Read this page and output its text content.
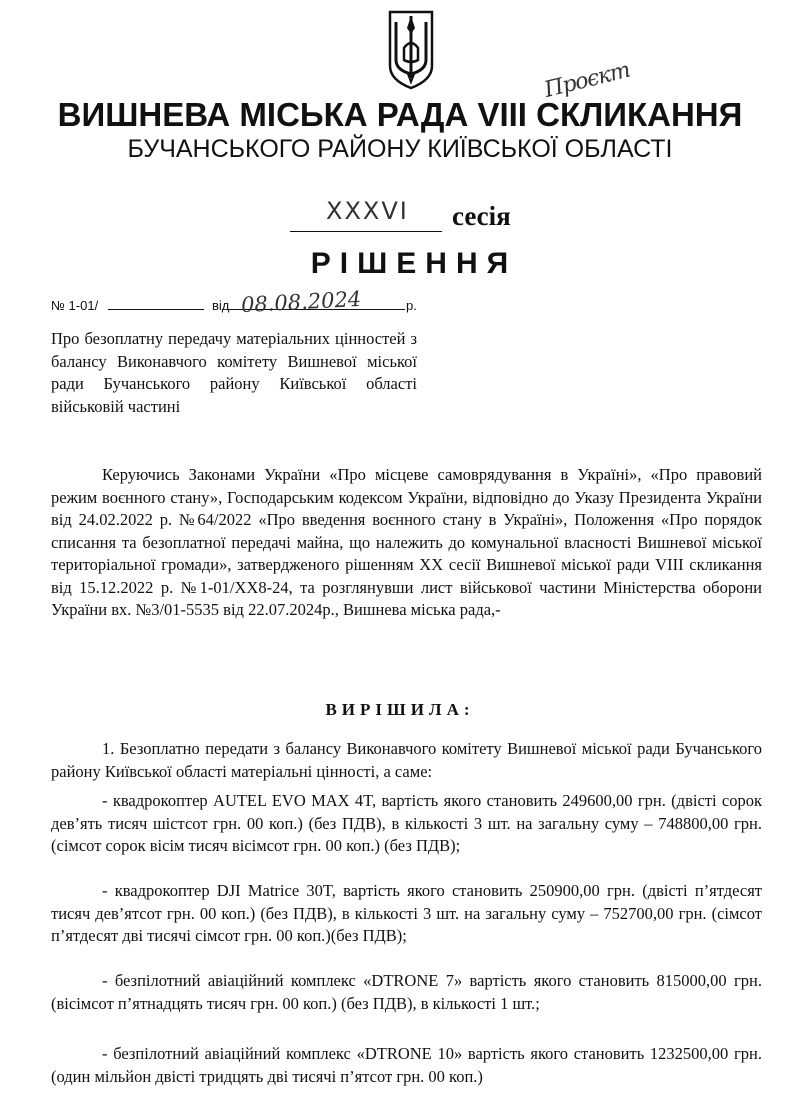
Проєкт
ВИШНЕВА МІСЬКА РАДА VIII СКЛИКАННЯ
БУЧАНСЬКОГО РАЙОНУ КИЇВСЬКОЇ ОБЛАСТІ
XXXVI сесія
РІШЕННЯ
№ 1-01/	від 08.08.2024	р.
Про безоплатну передачу матеріальних цінностей з балансу Виконавчого комітету Вишневої міської ради Бучанського району Київської області військовій частині
Керуючись Законами України «Про місцеве самоврядування в Україні», «Про правовий режим воєнного стану», Господарським кодексом України, відповідно до Указу Президента України від 24.02.2022 р. №64/2022 «Про введення воєнного стану в Україні», Положення «Про порядок списання та безоплатної передачі майна, що належить до комунальної власності Вишневої міської територіальної громади», затвердженого рішенням XX сесії Вишневої міської ради VIII скликання від 15.12.2022 р. №1-01/XX8-24, та розглянувши лист військової частини Міністерства оборони України вх. №3/01-5535 від 22.07.2024р., Вишнева міська рада,-
ВИРІШИЛА:
1. Безоплатно передати з балансу Виконавчого комітету Вишневої міської ради Бучанського району Київської області матеріальні цінності, а саме:
- квадрокоптер AUTEL EVO MAX 4T, вартість якого становить 249600,00 грн. (двісті сорок дев’ять тисяч шістсот грн. 00 коп.) (без ПДВ), в кількості 3 шт. на загальну суму – 748800,00 грн. (сімсот сорок вісім тисяч вісімсот грн. 00 коп.) (без ПДВ);
- квадрокоптер DJI Matrice 30T, вартість якого становить 250900,00 грн. (двісті п’ятдесят тисяч дев’ятсот грн. 00 коп.) (без ПДВ), в кількості 3 шт. на загальну суму – 752700,00 грн. (сімсот п’ятдесят дві тисячі сімсот грн. 00 коп.)(без ПДВ);
- безпілотний авіаційний комплекс «DTRONE 7» вартість якого становить 815000,00 грн. (вісімсот п’ятнадцять тисяч грн. 00 коп.) (без ПДВ), в кількості 1 шт.;
- безпілотний авіаційний комплекс «DTRONE 10» вартість якого становить 1232500,00 грн. (один мільйон двісті тридцять дві тисячі п’ятсот грн. 00 коп.)
